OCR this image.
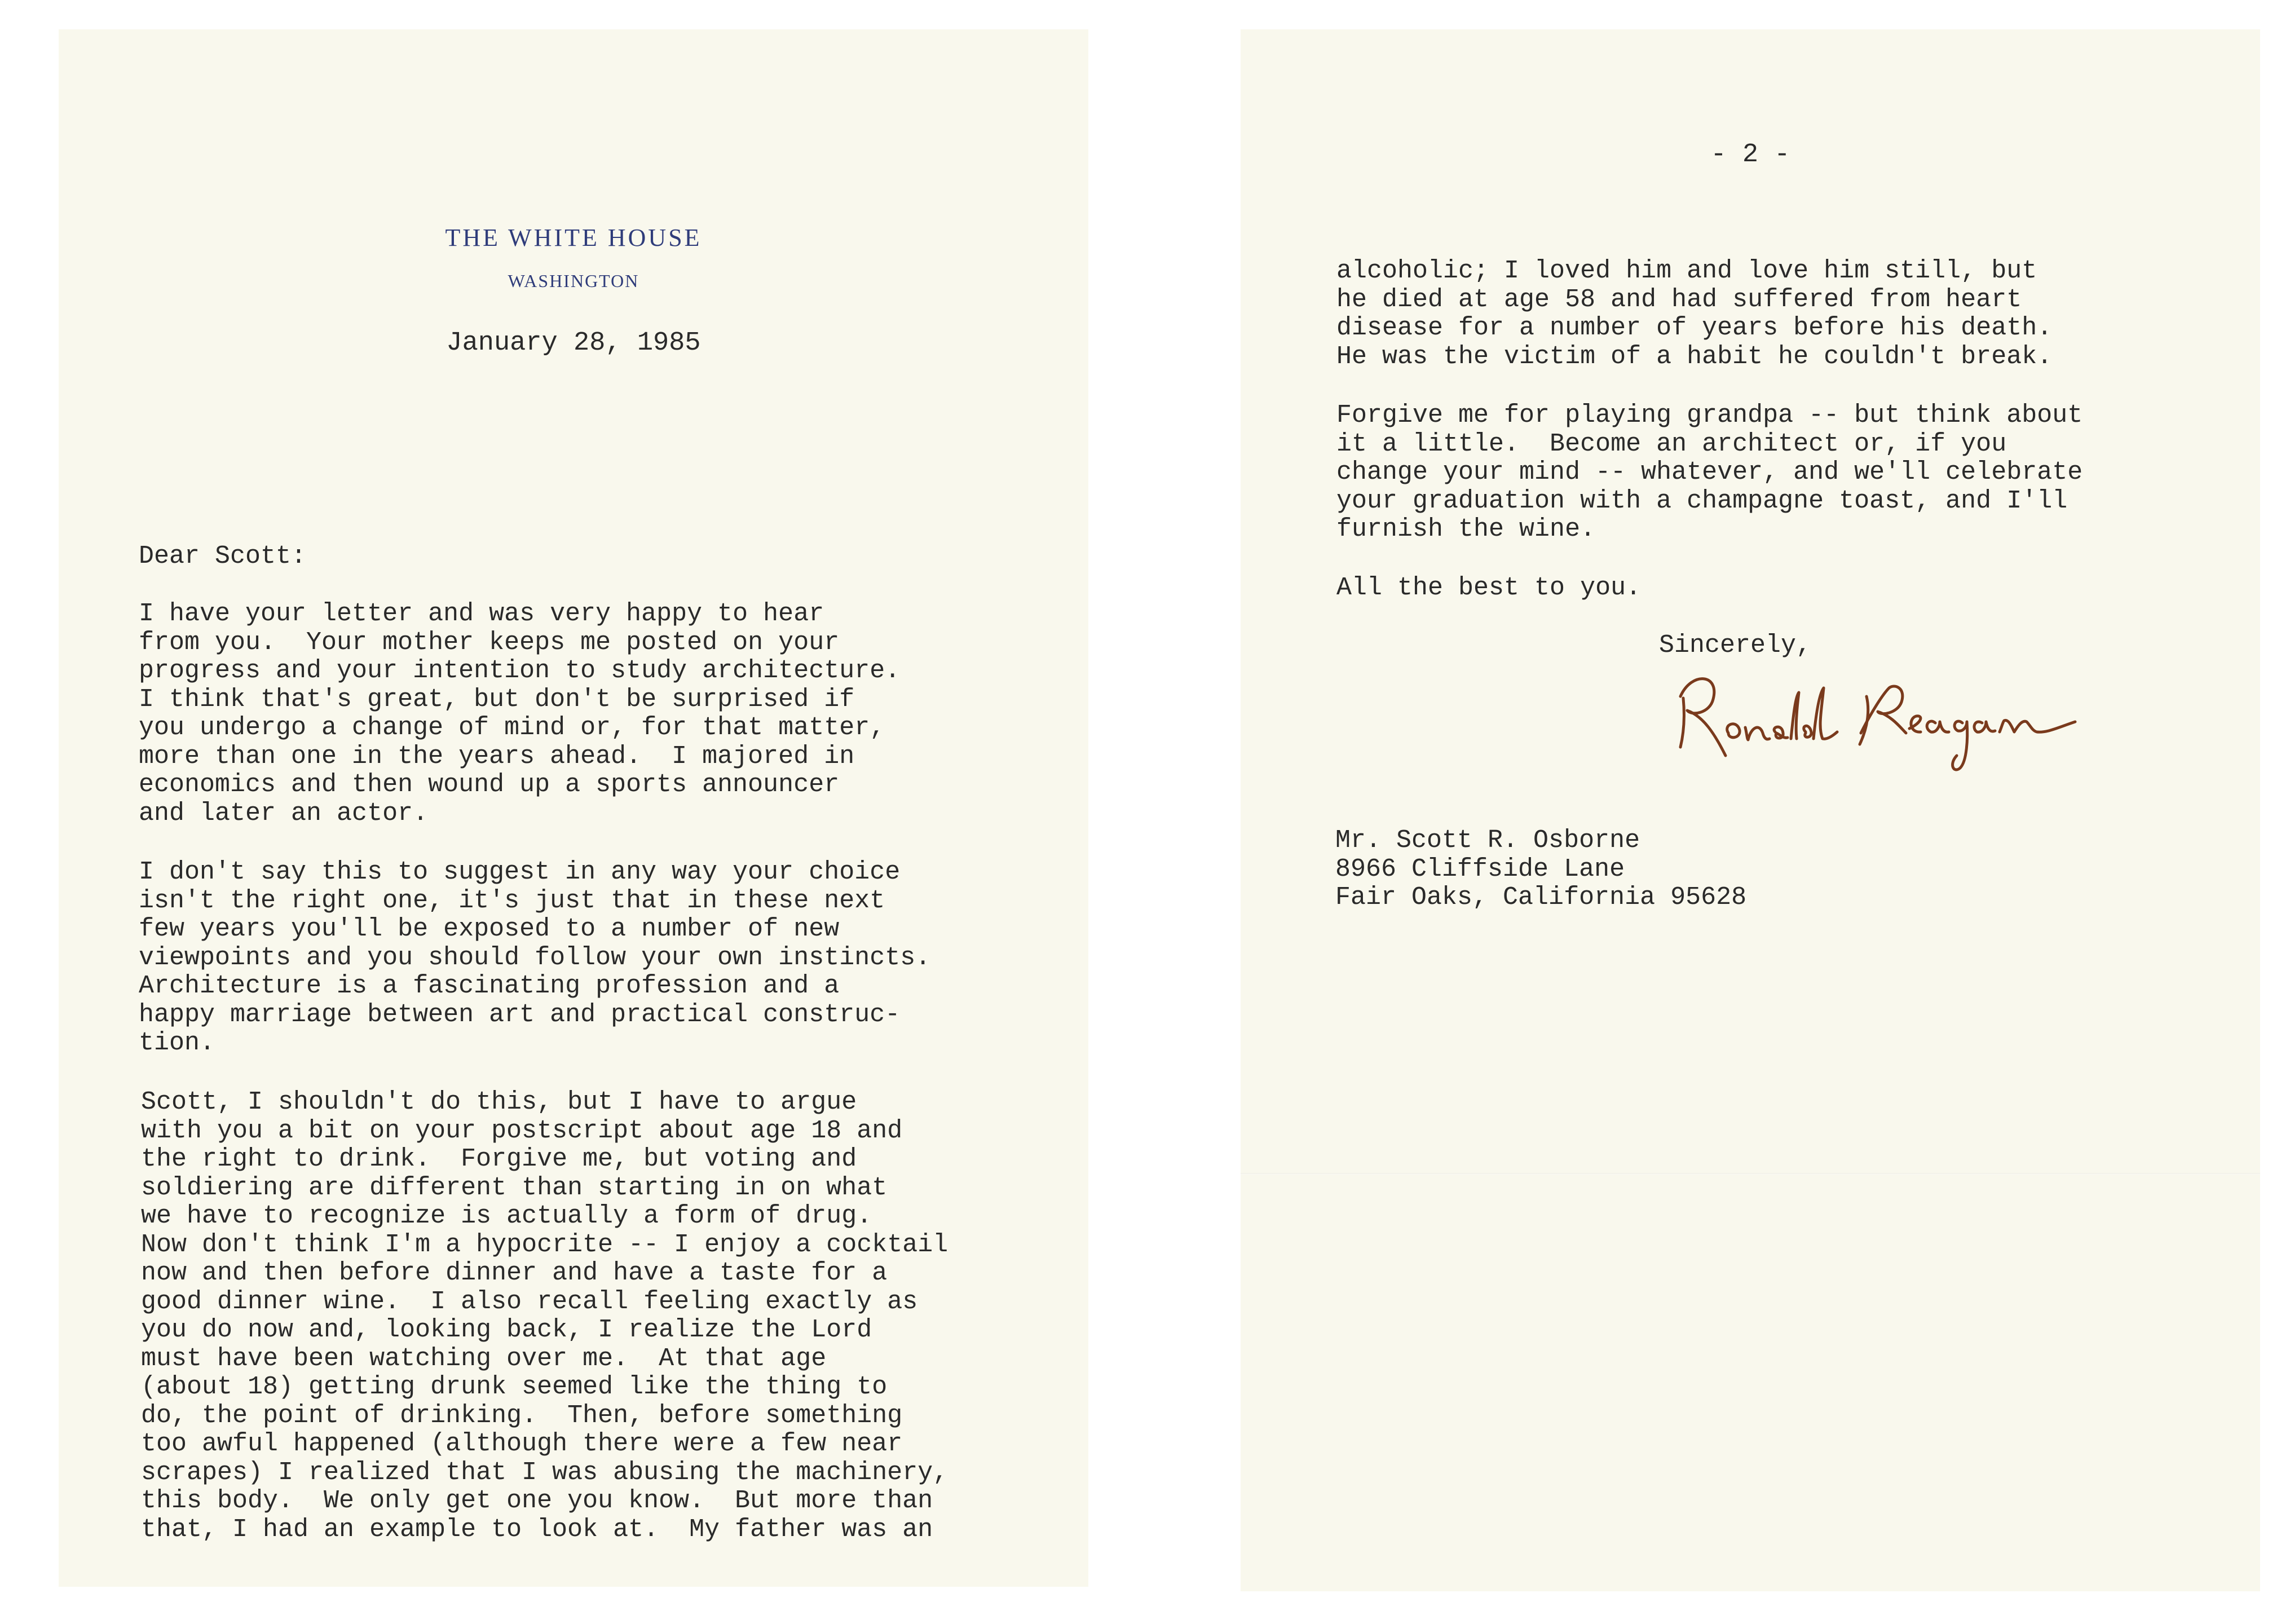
THE WHITE HOUSE
WASHINGTON
January 28, 1985
Dear Scott:
I have your letter and was very happy to hear
from you.  Your mother keeps me posted on your
progress and your intention to study architecture.
I think that's great, but don't be surprised if
you undergo a change of mind or, for that matter,
more than one in the years ahead.  I majored in
economics and then wound up a sports announcer
and later an actor.
I don't say this to suggest in any way your choice
isn't the right one, it's just that in these next
few years you'll be exposed to a number of new
viewpoints and you should follow your own instincts.
Architecture is a fascinating profession and a
happy marriage between art and practical construc-
tion.
Scott, I shouldn't do this, but I have to argue
with you a bit on your postscript about age 18 and
the right to drink.  Forgive me, but voting and
soldiering are different than starting in on what
we have to recognize is actually a form of drug.
Now don't think I'm a hypocrite -- I enjoy a cocktail
now and then before dinner and have a taste for a
good dinner wine.  I also recall feeling exactly as
you do now and, looking back, I realize the Lord
must have been watching over me.  At that age
(about 18) getting drunk seemed like the thing to
do, the point of drinking.  Then, before something
too awful happened (although there were a few near
scrapes) I realized that I was abusing the machinery,
this body.  We only get one you know.  But more than
that, I had an example to look at.  My father was an
- 2 -
alcoholic; I loved him and love him still, but
he died at age 58 and had suffered from heart
disease for a number of years before his death.
He was the victim of a habit he couldn't break.
Forgive me for playing grandpa -- but think about
it a little.  Become an architect or, if you
change your mind -- whatever, and we'll celebrate
your graduation with a champagne toast, and I'll
furnish the wine.
All the best to you.
Sincerely,
Mr. Scott R. Osborne
8966 Cliffside Lane
Fair Oaks, California 95628
